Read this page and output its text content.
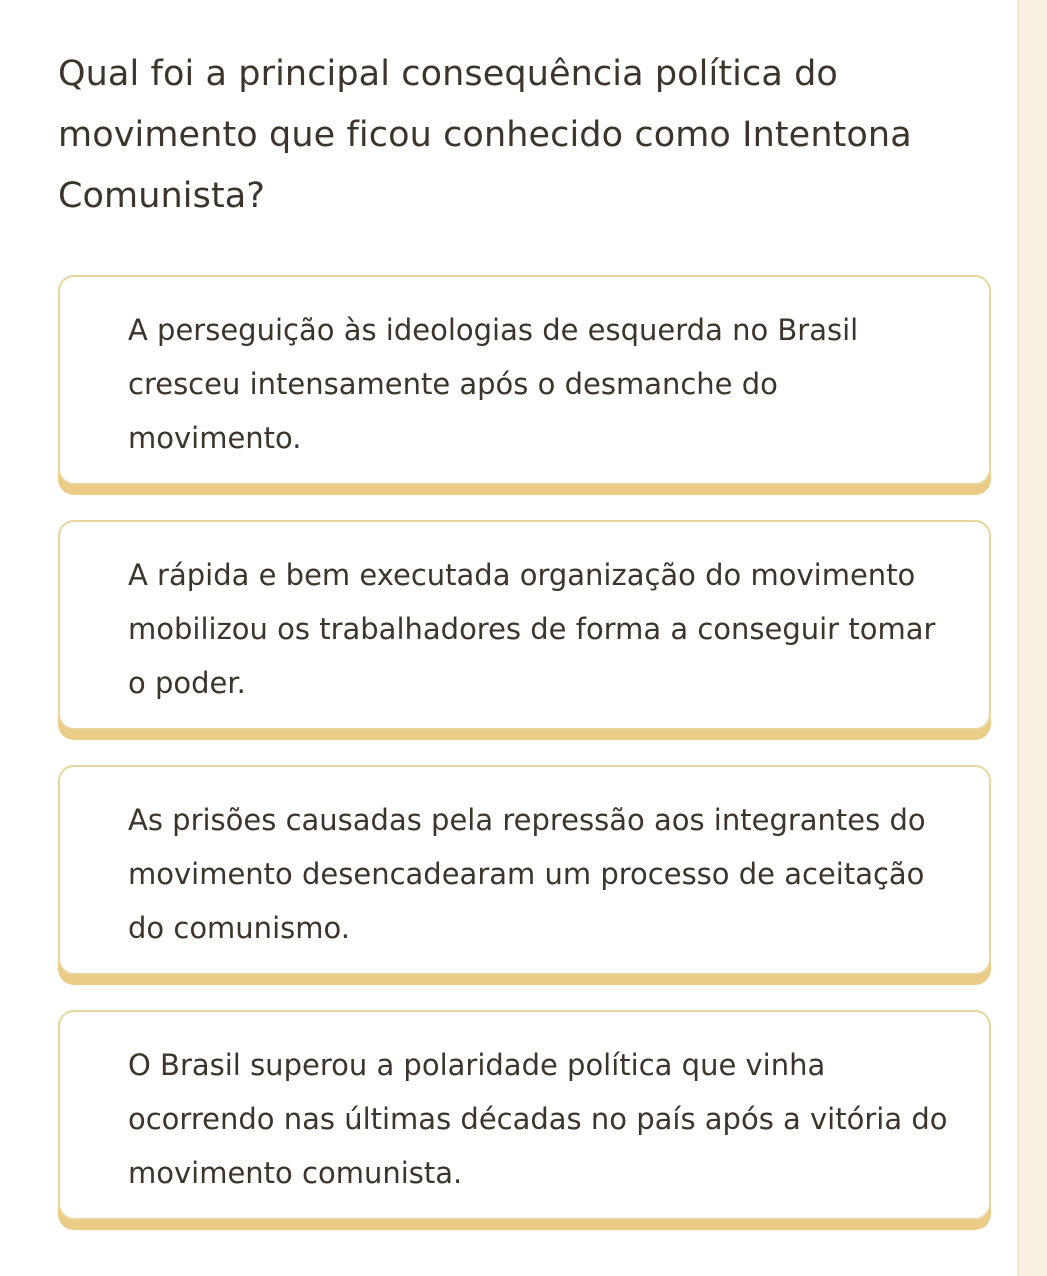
Qual foi a principal consequência política do movimento que ficou conhecido como Intentona Comunista?
A perseguição às ideologias de esquerda no Brasil cresceu intensamente após o desmanche do movimento.
A rápida e bem executada organização do movimento mobilizou os trabalhadores de forma a conseguir tomar o poder.
As prisões causadas pela repressão aos integrantes do movimento desencadearam um processo de aceitação do comunismo.
O Brasil superou a polaridade política que vinha ocorrendo nas últimas décadas no país após a vitória do movimento comunista.
